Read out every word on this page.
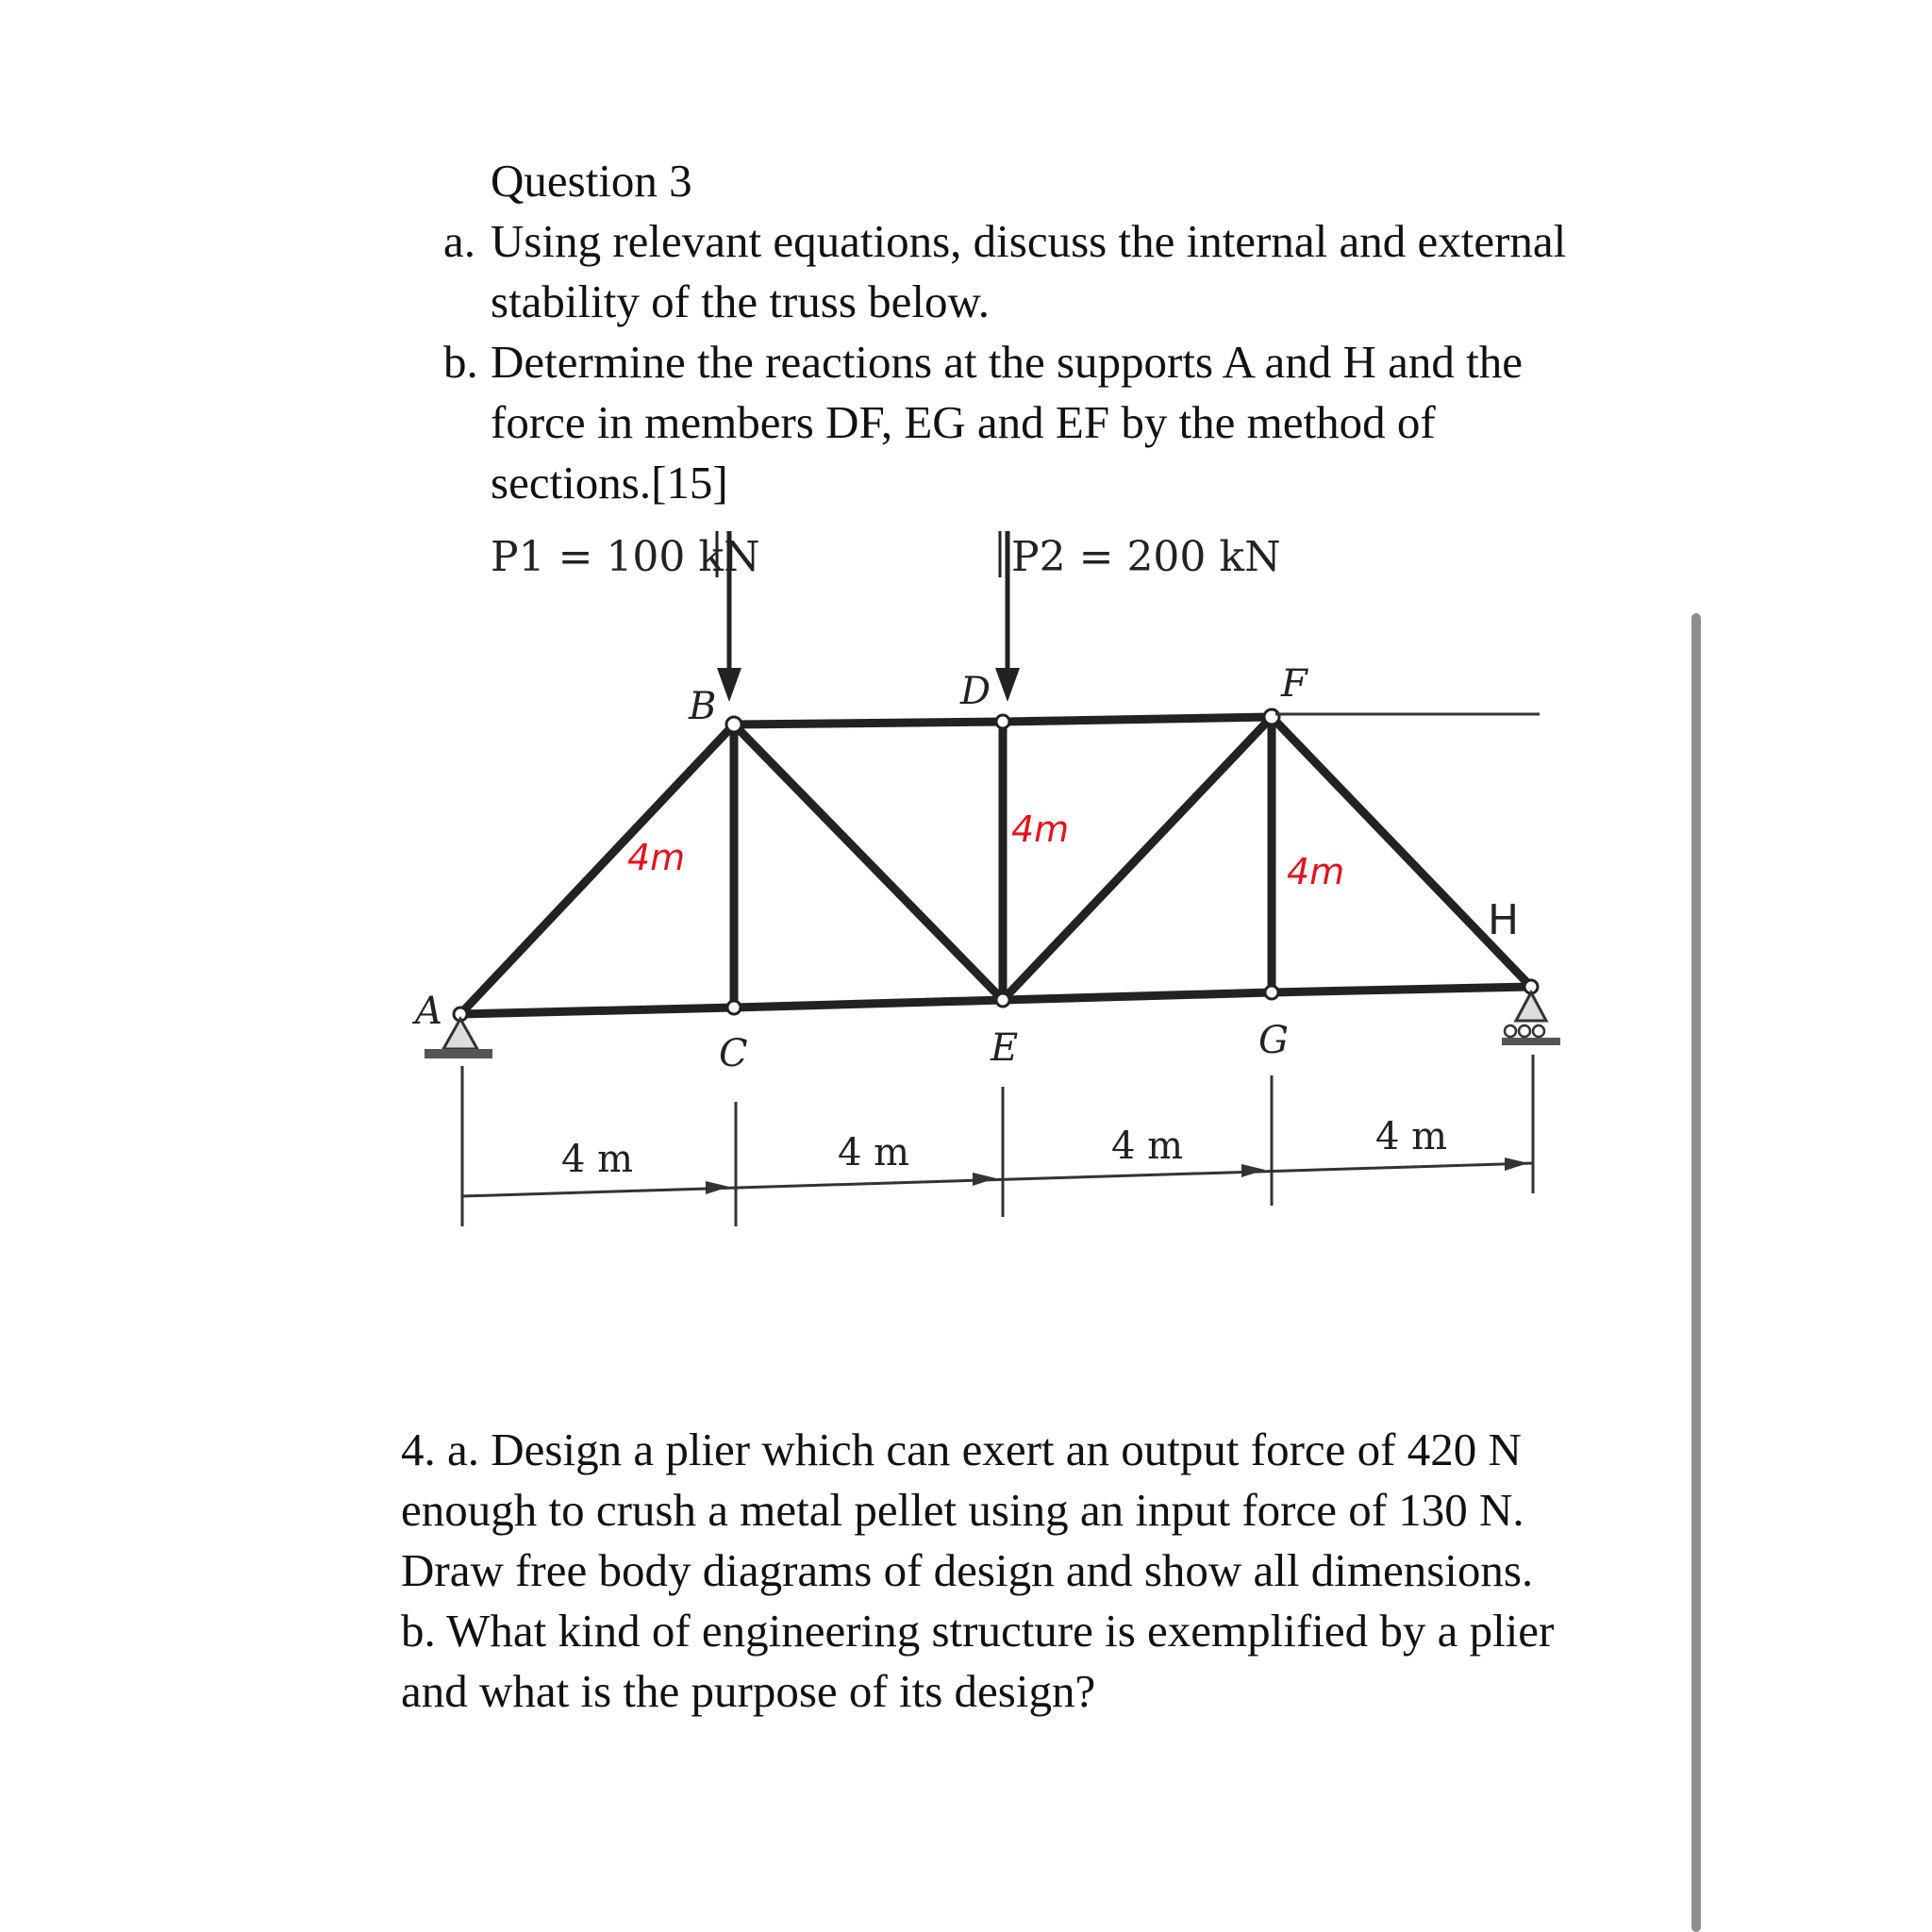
Question 3
a. Using relevant equations, discuss the internal and external stability of the truss below.
b. Determine the reactions at the supports A and H and the force in members DF, EG and EF by the method of sections.[15]
P1 = 100 kN	P2 = 200 kN
A
B
C
D
E
F
G
H
4m
4m
4m
4 m	4 m	4 m	4 m
4. a. Design a plier which can exert an output force of 420 N enough to crush a metal pellet using an input force of 130 N. Draw free body diagrams of design and show all dimensions.
b. What kind of engineering structure is exemplified by a plier and what is the purpose of its design?
